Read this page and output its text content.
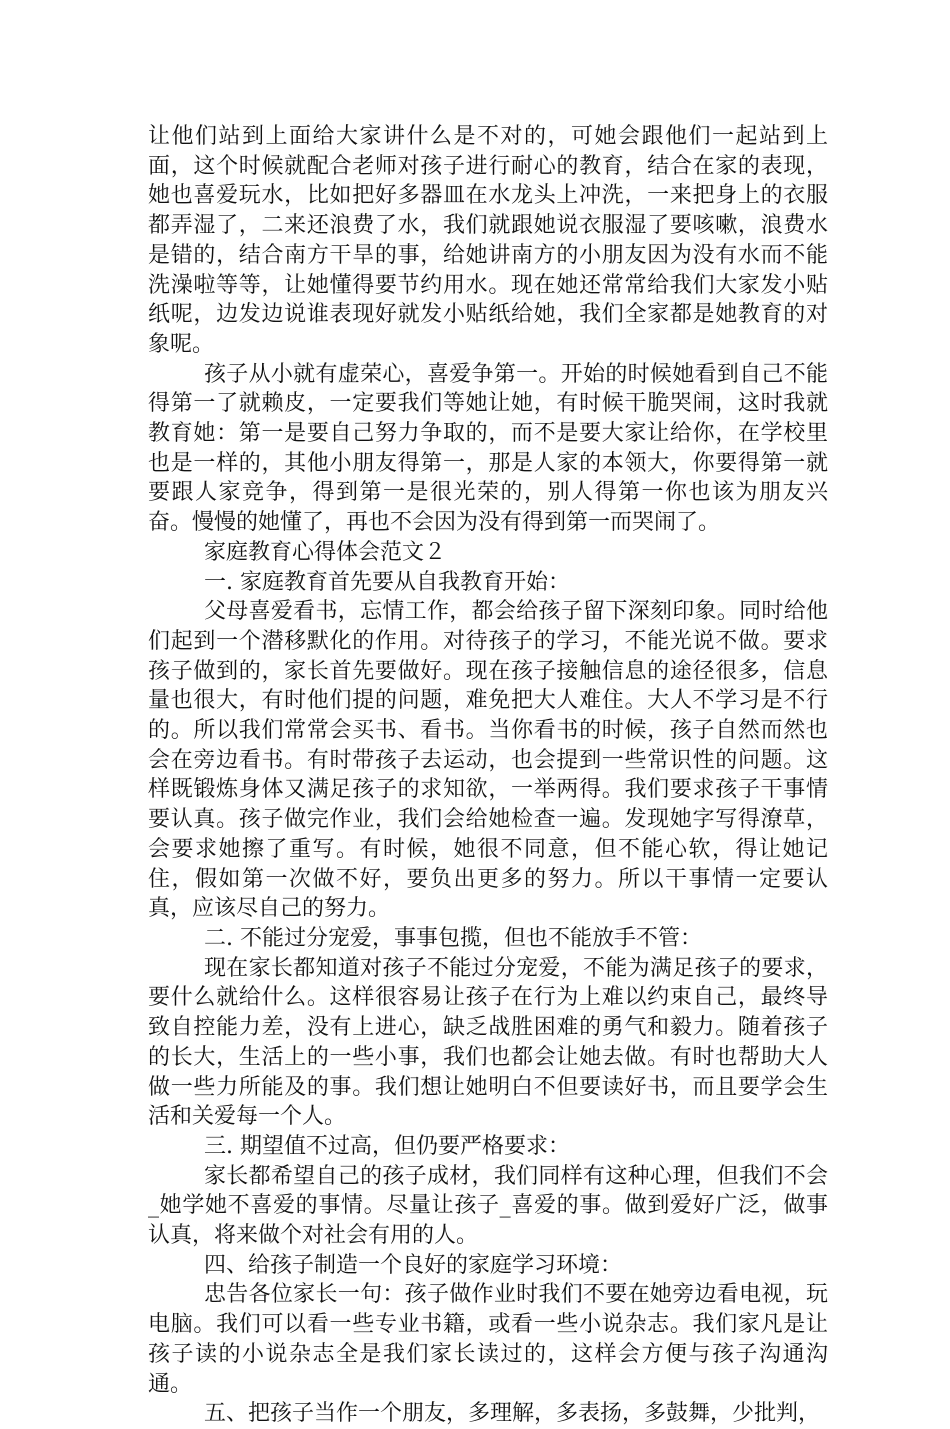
让他们站到上面给大家讲什么是不对的，可她会跟他们一起站到上面，这个时候就配合老师对孩子进行耐心的教育，结合在家的表现，她也喜爱玩水，比如把好多器皿在水龙头上冲洗，一来把身上的衣服都弄湿了，二来还浪费了水，我们就跟她说衣服湿了要咳嗽，浪费水是错的，结合南方干旱的事，给她讲南方的小朋友因为没有水而不能洗澡啦等等，让她懂得要节约用水。现在她还常常给我们大家发小贴纸呢，边发边说谁表现好就发小贴纸给她，我们全家都是她教育的对象呢。

孩子从小就有虚荣心，喜爱争第一。开始的时候她看到自己不能得第一了就赖皮，一定要我们等她让她，有时候干脆哭闹，这时我就教育她：第一是要自己努力争取的，而不是要大家让给你，在学校里也是一样的，其他小朋友得第一，那是人家的本领大，你要得第一就要跟人家竞争，得到第一是很光荣的，别人得第一你也该为朋友兴奋。慢慢的她懂了，再也不会因为没有得到第一而哭闹了。

家庭教育心得体会范文２

一. 家庭教育首先要从自我教育开始：

父母喜爱看书，忘情工作，都会给孩子留下深刻印象。同时给他们起到一个潜移默化的作用。对待孩子的学习，不能光说不做。要求孩子做到的，家长首先要做好。现在孩子接触信息的途径很多，信息量也很大，有时他们提的问题，难免把大人难住。大人不学习是不行的。所以我们常常会买书、看书。当你看书的时候，孩子自然而然也会在旁边看书。有时带孩子去运动，也会提到一些常识性的问题。这样既锻炼身体又满足孩子的求知欲，一举两得。我们要求孩子干事情要认真。孩子做完作业，我们会给她检查一遍。发现她字写得潦草，会要求她擦了重写。有时候，她很不同意，但不能心软，得让她记住，假如第一次做不好，要负出更多的努力。所以干事情一定要认真，应该尽自己的努力。

二. 不能过分宠爱，事事包揽，但也不能放手不管：

现在家长都知道对孩子不能过分宠爱，不能为满足孩子的要求，要什么就给什么。这样很容易让孩子在行为上难以约束自己，最终导致自控能力差，没有上进心，缺乏战胜困难的勇气和毅力。随着孩子的长大，生活上的一些小事，我们也都会让她去做。有时也帮助大人做一些力所能及的事。我们想让她明白不但要读好书，而且要学会生活和关爱每一个人。

三. 期望值不过高，但仍要严格要求：

家长都希望自己的孩子成材，我们同样有这种心理，但我们不会_她学她不喜爱的事情。尽量让孩子_喜爱的事。做到爱好广泛，做事认真，将来做个对社会有用的人。

四、给孩子制造一个良好的家庭学习环境：

忠告各位家长一句：孩子做作业时我们不要在她旁边看电视，玩电脑。我们可以看一些专业书籍，或看一些小说杂志。我们家凡是让孩子读的小说杂志全是我们家长读过的，这样会方便与孩子沟通沟通。

五、把孩子当作一个朋友，多理解，多表扬，多鼓舞，少批判，
